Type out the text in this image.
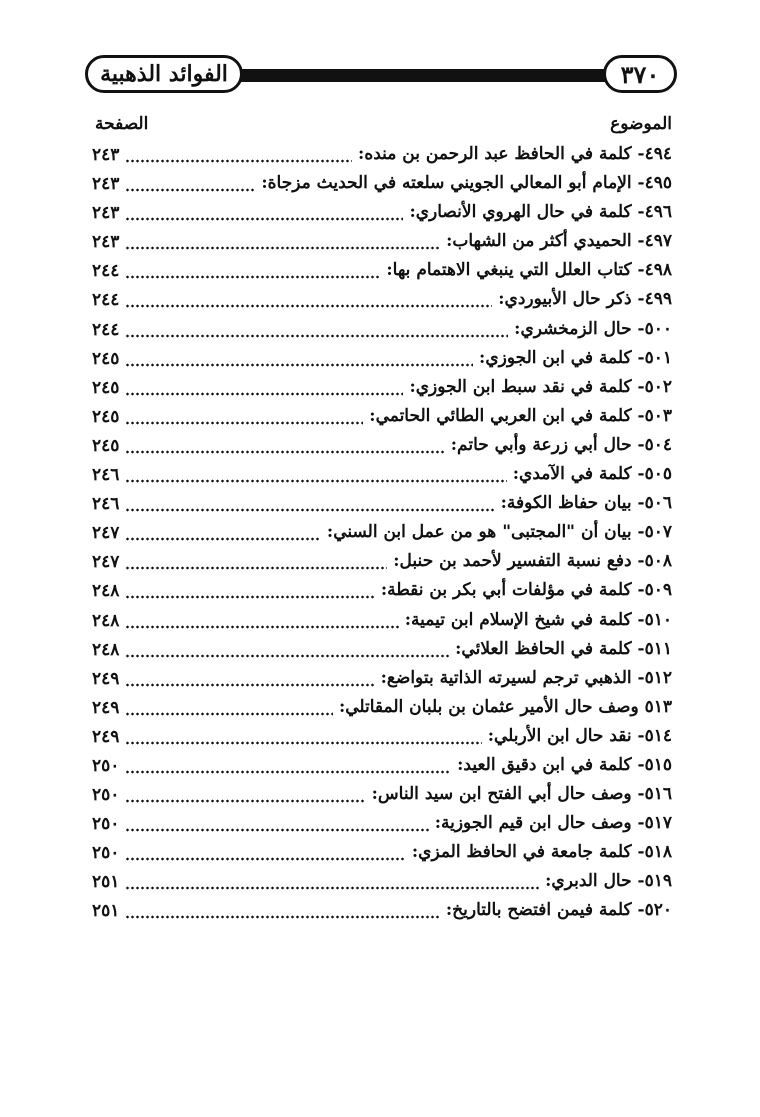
٣٧٠
الفوائد الذهبية
الموضوع
الصفحة
٤٩٤- كلمة في الحافظ عبد الرحمن بن منده:
٢٤٣
٤٩٥- الإمام أبو المعالي الجويني سلعته في الحديث مزجاة:
٢٤٣
٤٩٦- كلمة في حال الهروي الأنصاري:
٢٤٣
٤٩٧- الحميدي أكثر من الشهاب:
٢٤٣
٤٩٨- كتاب العلل التي ينبغي الاهتمام بها:
٢٤٤
٤٩٩- ذكر حال الأبيوردي:
٢٤٤
٥٠٠- حال الزمخشري:
٢٤٤
٥٠١- كلمة في ابن الجوزي:
٢٤٥
٥٠٢- كلمة في نقد سبط ابن الجوزي:
٢٤٥
٥٠٣- كلمة في ابن العربي الطائي الحاتمي:
٢٤٥
٥٠٤- حال أبي زرعة وأبي حاتم:
٢٤٥
٥٠٥- كلمة في الآمدي:
٢٤٦
٥٠٦- بيان حفاظ الكوفة:
٢٤٦
٥٠٧- بيان أن "المجتبى" هو من عمل ابن السني:
٢٤٧
٥٠٨- دفع نسبة التفسير لأحمد بن حنبل:
٢٤٧
٥٠٩- كلمة في مؤلفات أبي بكر بن نقطة:
٢٤٨
٥١٠- كلمة في شيخ الإسلام ابن تيمية:
٢٤٨
٥١١- كلمة في الحافظ العلائي:
٢٤٨
٥١٢- الذهبي ترجم لسيرته الذاتية بتواضع:
٢٤٩
٥١٣ وصف حال الأمير عثمان بن بلبان المقاتلي:
٢٤٩
٥١٤- نقد حال ابن الأربلي:
٢٤٩
٥١٥- كلمة في ابن دقيق العيد:
٢٥٠
٥١٦- وصف حال أبي الفتح ابن سيد الناس:
٢٥٠
٥١٧- وصف حال ابن قيم الجوزية:
٢٥٠
٥١٨- كلمة جامعة في الحافظ المزي:
٢٥٠
٥١٩- حال الدبري:
٢٥١
٥٢٠- كلمة فيمن افتضح بالتاريخ:
٢٥١
